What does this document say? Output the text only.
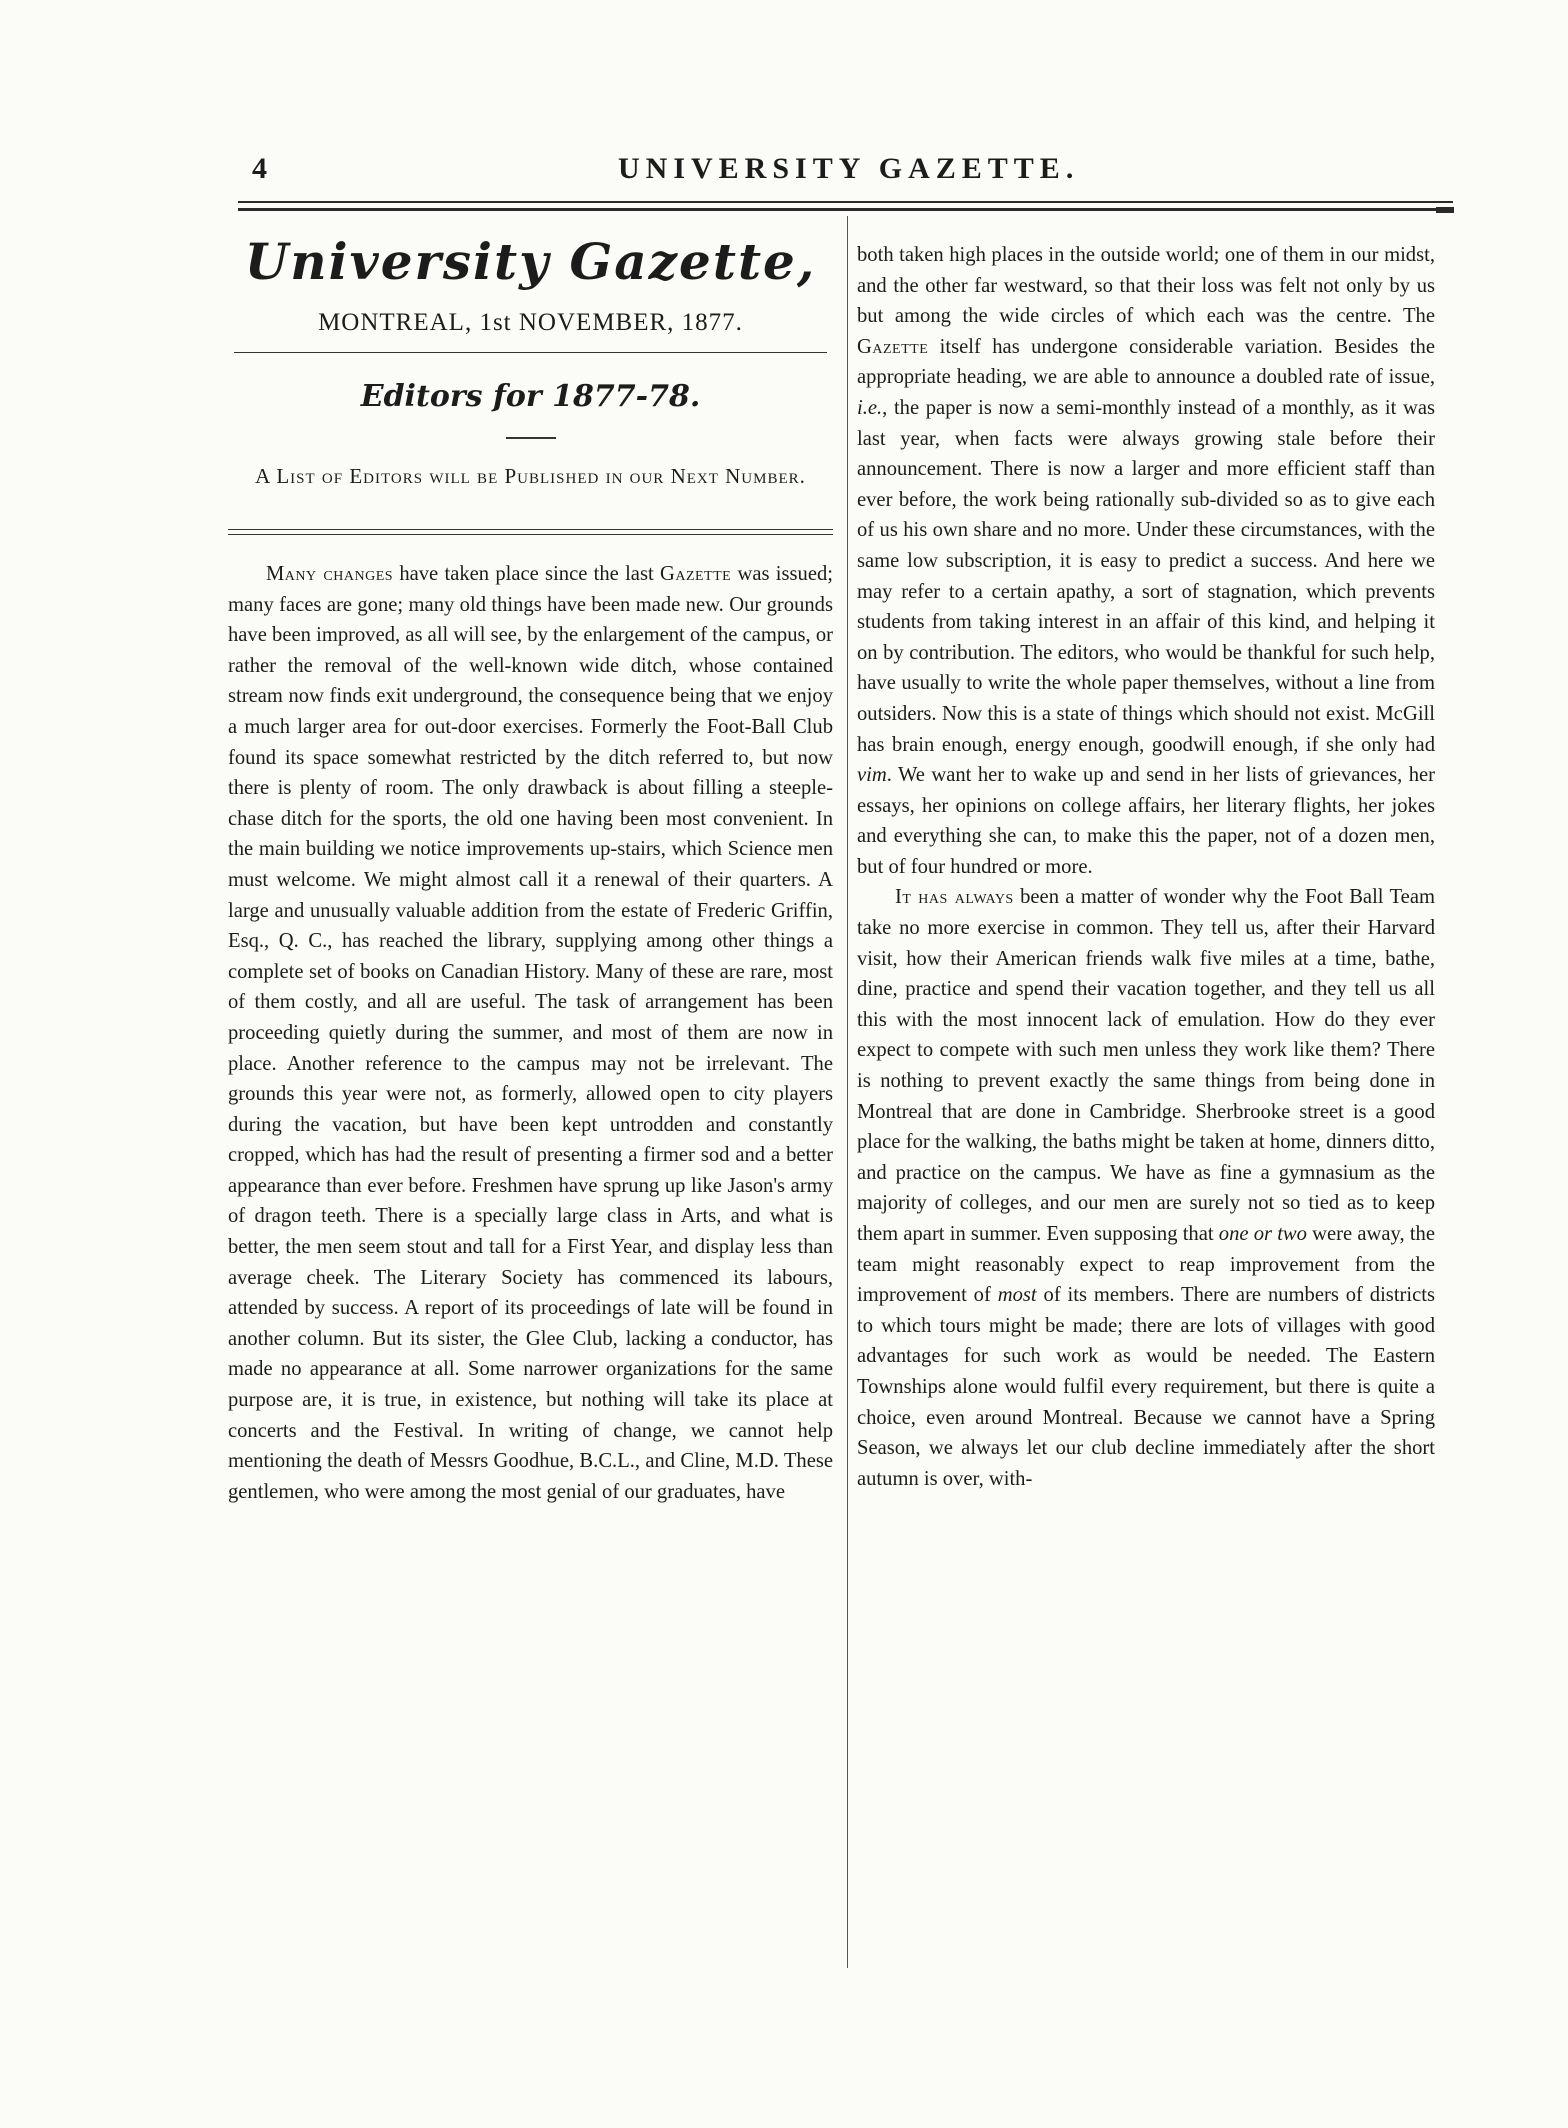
4	UNIVERSITY GAZETTE.
University Gazette,
MONTREAL, 1st NOVEMBER, 1877.
Editors for 1877-78.
A List of Editors will be Published in our Next Number.

Many changes have taken place since the last Gazette was issued; many faces are gone; many old things have been made new. Our grounds have been improved, as all will see, by the enlargement of the campus, or rather the removal of the well-known wide ditch, whose contained stream now finds exit underground, the consequence being that we enjoy a much larger area for out-door exercises. Formerly the Foot-Ball Club found its space somewhat restricted by the ditch referred to, but now there is plenty of room. The only drawback is about filling a steeple-chase ditch for the sports, the old one having been most convenient. In the main building we notice improvements up-stairs, which Science men must welcome. We might almost call it a renewal of their quarters. A large and unusually valuable addition from the estate of Frederic Griffin, Esq., Q. C., has reached the library, supplying among other things a complete set of books on Canadian History. Many of these are rare, most of them costly, and all are useful. The task of arrangement has been proceeding quietly during the summer, and most of them are now in place. Another reference to the campus may not be irrelevant. The grounds this year were not, as formerly, allowed open to city players during the vacation, but have been kept untrodden and constantly cropped, which has had the result of presenting a firmer sod and a better appearance than ever before. Freshmen have sprung up like Jason's army of dragon teeth. There is a specially large class in Arts, and what is better, the men seem stout and tall for a First Year, and display less than average cheek. The Literary Society has commenced its labours, attended by success. A report of its proceedings of late will be found in another column. But its sister, the Glee Club, lacking a conductor, has made no appearance at all. Some narrower organizations for the same purpose are, it is true, in existence, but nothing will take its place at concerts and the Festival. In writing of change, we cannot help mentioning the death of Messrs Goodhue, B.C.L., and Cline, M.D. These gentlemen, who were among the most genial of our graduates, have

both taken high places in the outside world; one of them in our midst, and the other far westward, so that their loss was felt not only by us but among the wide circles of which each was the centre. The Gazette itself has undergone considerable variation. Besides the appropriate heading, we are able to announce a doubled rate of issue, i.e., the paper is now a semi-monthly instead of a monthly, as it was last year, when facts were always growing stale before their announcement. There is now a larger and more efficient staff than ever before, the work being rationally sub-divided so as to give each of us his own share and no more. Under these circumstances, with the same low subscription, it is easy to predict a success. And here we may refer to a certain apathy, a sort of stagnation, which prevents students from taking interest in an affair of this kind, and helping it on by contribution. The editors, who would be thankful for such help, have usually to write the whole paper themselves, without a line from outsiders. Now this is a state of things which should not exist. McGill has brain enough, energy enough, goodwill enough, if she only had vim. We want her to wake up and send in her lists of grievances, her essays, her opinions on college affairs, her literary flights, her jokes and everything she can, to make this the paper, not of a dozen men, but of four hundred or more.

It has always been a matter of wonder why the Foot Ball Team take no more exercise in common. They tell us, after their Harvard visit, how their American friends walk five miles at a time, bathe, dine, practice and spend their vacation together, and they tell us all this with the most innocent lack of emulation. How do they ever expect to compete with such men unless they work like them? There is nothing to prevent exactly the same things from being done in Montreal that are done in Cambridge. Sherbrooke street is a good place for the walking, the baths might be taken at home, dinners ditto, and practice on the campus. We have as fine a gymnasium as the majority of colleges, and our men are surely not so tied as to keep them apart in summer. Even supposing that one or two were away, the team might reasonably expect to reap improvement from the improvement of most of its members. There are numbers of districts to which tours might be made; there are lots of villages with good advantages for such work as would be needed. The Eastern Townships alone would fulfil every requirement, but there is quite a choice, even around Montreal. Because we cannot have a Spring Season, we always let our club decline immediately after the short autumn is over, with-
